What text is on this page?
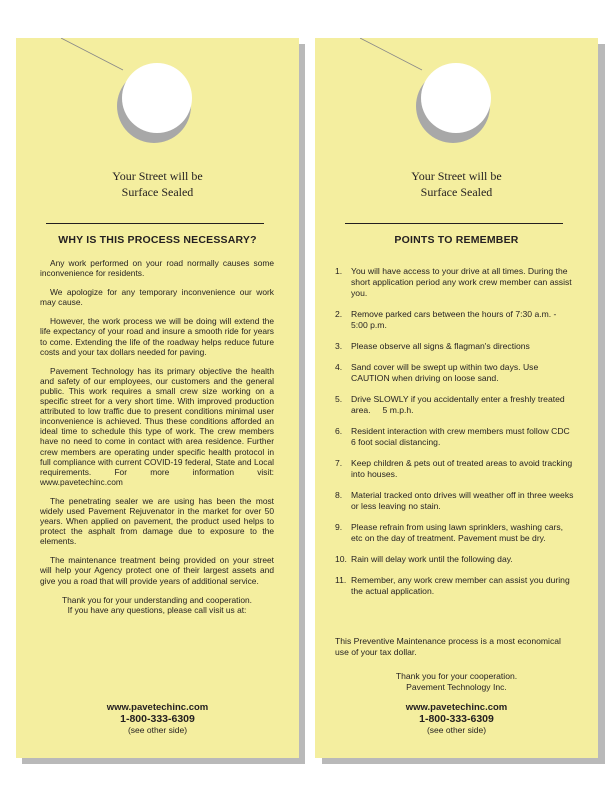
Your Street will be
Surface Sealed
WHY IS THIS PROCESS NECESSARY?

Any work performed on your road normally causes some inconvenience for residents.

We apologize for any temporary inconvenience our work may cause.

However, the work process we will be doing will extend the life expectancy of your road and insure a smooth ride for years to come. Extending the life of the roadway helps reduce future costs and your tax dollars needed for paving.

Pavement Technology has its primary objective the health and safety of our employees, our customers and the general public. This work requires a small crew size working on a specific street for a very short time. With improved production attributed to low traffic due to present conditions minimal user inconvenience is achieved. Thus these conditions afforded an ideal time to schedule this type of work. The crew members have no need to come in contact with area residence. Further crew members are operating under specific health protocol in full compliance with current COVID-19 federal, State and Local requirements. For more information visit: www.pavetechinc.com

The penetrating sealer we are using has been the most widely used Pavement Rejuvenator in the market for over 50 years. When applied on pavement, the product used helps to protect the asphalt from damage due to exposure to the elements.

The maintenance treatment being provided on your street will help your Agency protect one of their largest assets and give you a road that will provide years of additional service.

Thank you for your understanding and cooperation.

If you have any questions, please call visit us at:

www.pavetechinc.com
1-800-333-6309
(see other side)
Your Street will be
Surface Sealed
POINTS TO REMEMBER
1.	You will have access to your drive at all times. During the short application period any work crew member can assist you.
2.	Remove parked cars between the hours of 7:30 a.m. - 5:00 p.m.
3.	Please observe all signs & flagman's directions
4.	Sand cover will be swept up within two days. Use CAUTION when driving on loose sand.
5.	Drive SLOWLY if you accidentally enter a freshly treated area.     5 m.p.h.
6.	Resident interaction with crew members must follow CDC 6 foot social distancing.
7.	Keep children & pets out of treated areas to avoid tracking into houses.
8.	Material tracked onto drives will weather off in three weeks or less leaving no stain.
9.	Please refrain from using lawn sprinklers, washing cars, etc on the day of treatment. Pavement must be dry.
10. Rain will delay work until the following day.
11. Remember, any work crew member can assist you during the actual application.
This Preventive Maintenance process is a most economical use of your tax dollar.
Thank you for your cooperation.
Pavement Technology Inc.
www.pavetechinc.com
1-800-333-6309
(see other side)
